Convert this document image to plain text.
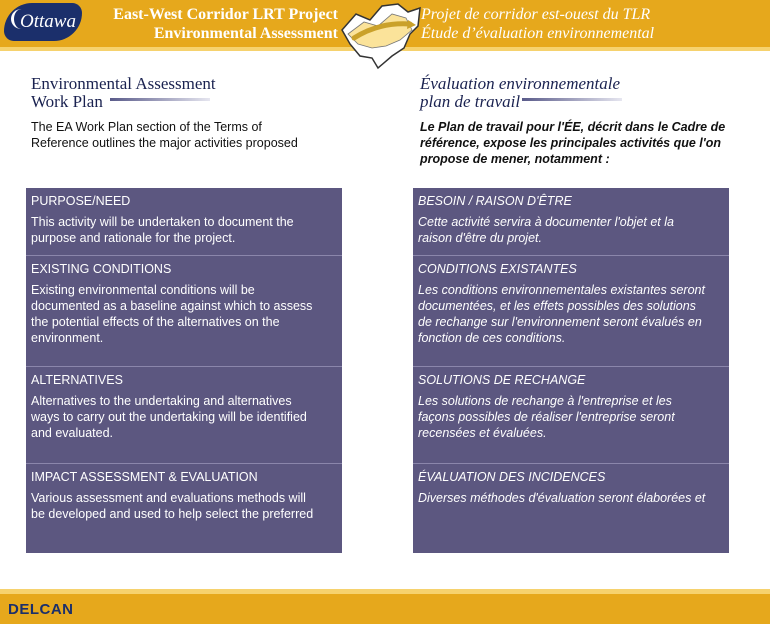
Ottawa	East-West Corridor LRT Project
Environmental Assessment
Projet de corridor est-ouest du TLR
Étude d’évaluation environnemental
Environmental Assessment
Work Plan
The EA Work Plan section of the Terms of
Reference outlines the major activities proposed
Évaluation environnementale
plan de travail
Le Plan de travail pour l'ÉE, décrit dans le Cadre de
référence, expose les principales activités que l'on
propose de mener, notamment :
PURPOSE/NEED
This activity will be undertaken to document the
purpose and rationale for the project.
EXISTING CONDITIONS
Existing environmental conditions will be
documented as a baseline against which to assess
the potential effects of the alternatives on the
environment.
ALTERNATIVES
Alternatives to the undertaking and alternatives
ways to carry out the undertaking will be identified
and evaluated.
IMPACT ASSESSMENT & EVALUATION
Various assessment and evaluations methods will
be developed and used to help select the preferred
BESOIN / RAISON D'ÊTRE
Cette activité servira à documenter l'objet et la
raison d'être du projet.
CONDITIONS EXISTANTES
Les conditions environnementales existantes seront
documentées, et les effets possibles des solutions
de rechange sur l'environnement seront évalués en
fonction de ces conditions.
SOLUTIONS DE RECHANGE
Les solutions de rechange à l'entreprise et les
façons possibles de réaliser l'entreprise seront
recensées et évaluées.
ÉVALUATION DES INCIDENCES
Diverses méthodes d'évaluation seront élaborées et
DELCAN
